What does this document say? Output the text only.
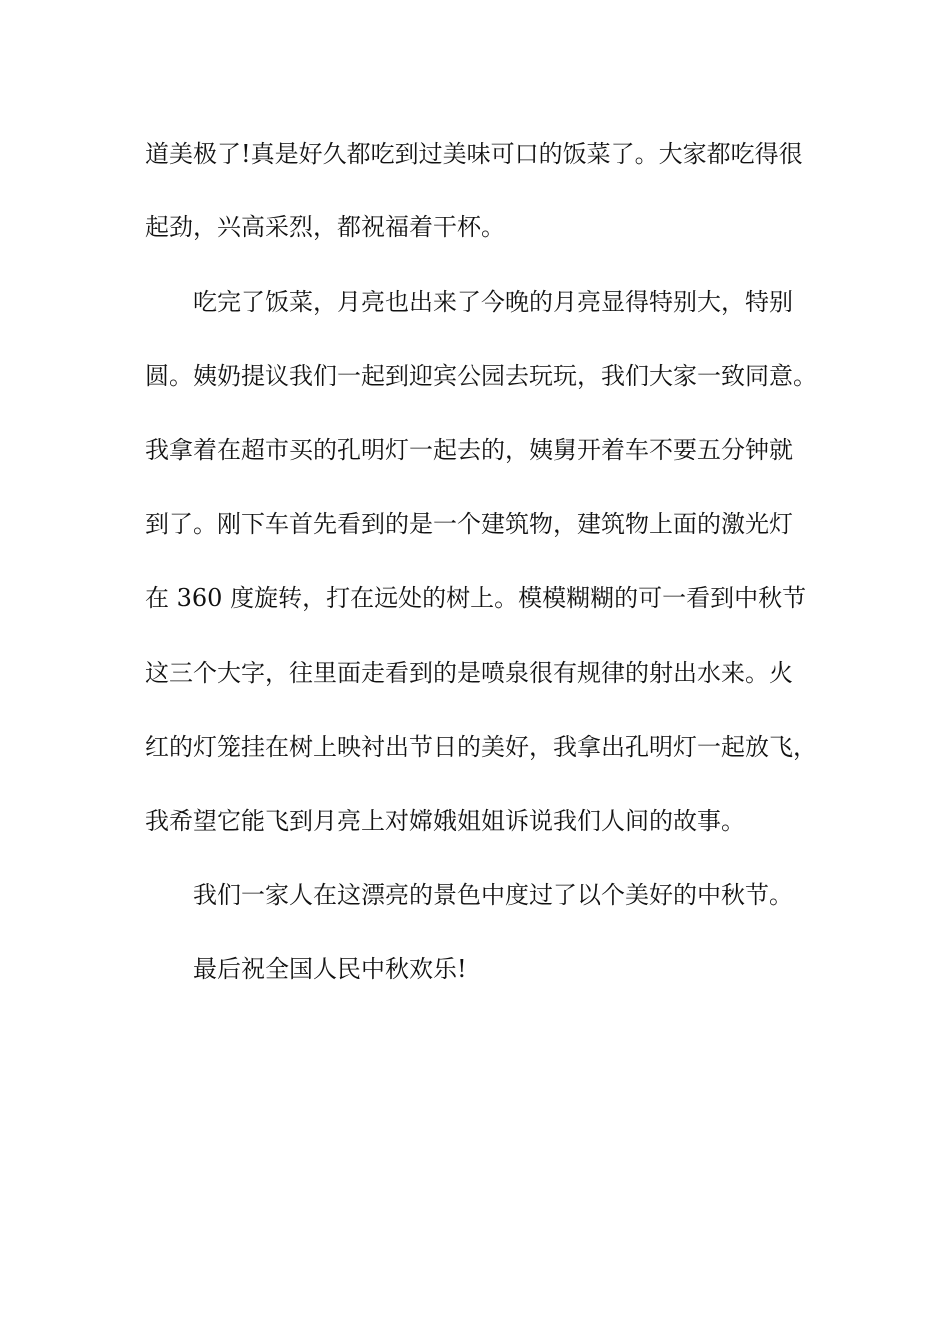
道美极了!真是好久都吃到过美味可口的饭菜了。大家都吃得很
起劲，兴高采烈，都祝福着干杯。
吃完了饭菜，月亮也出来了今晚的月亮显得特别大，特别
圆。姨奶提议我们一起到迎宾公园去玩玩，我们大家一致同意。
我拿着在超市买的孔明灯一起去的，姨舅开着车不要五分钟就
到了。刚下车首先看到的是一个建筑物，建筑物上面的激光灯
在 360 度旋转，打在远处的树上。模模糊糊的可一看到中秋节
这三个大字，往里面走看到的是喷泉很有规律的射出水来。火
红的灯笼挂在树上映衬出节日的美好，我拿出孔明灯一起放飞，
我希望它能飞到月亮上对嫦娥姐姐诉说我们人间的故事。
我们一家人在这漂亮的景色中度过了以个美好的中秋节。
最后祝全国人民中秋欢乐!
